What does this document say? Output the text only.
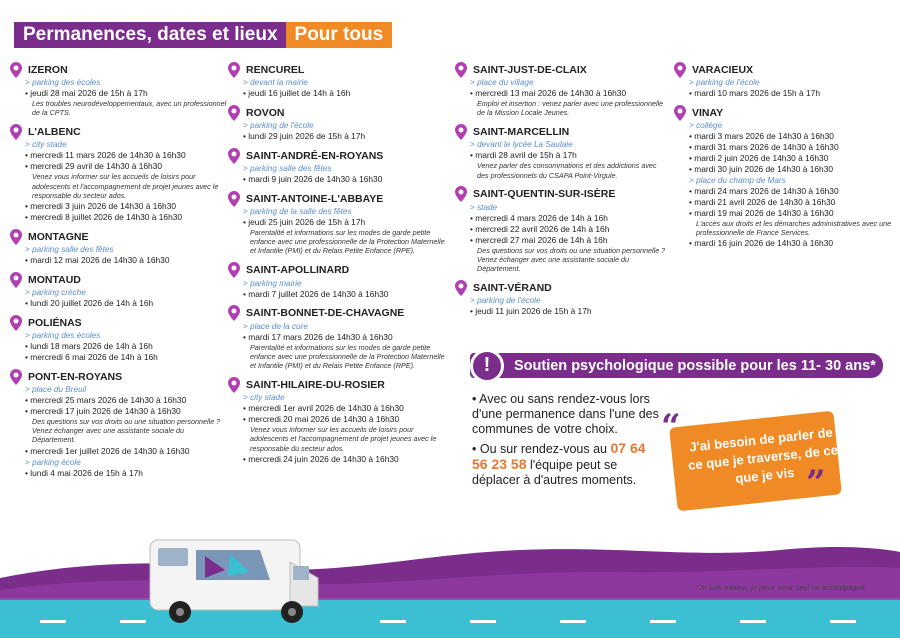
Permanences, dates et lieux Pour tous
IZERON
> parking des écoles
• jeudi 28 mai 2026 de 15h à 17h
Les troubles neurodéveloppementaux, avec un professionnel de la CPTS.
L'ALBENC
> city stade
• mercredi 11 mars 2026 de 14h30 à 16h30
• mercredi 29 avril de 14h30 à 16h30
Venez vous informer sur les accueils de loisirs pour adolescents et l'accompagnement de projet jeunes avec le responsable du secteur ados.
• mercredi 3 juin 2026 de 14h30 à 16h30
• mercredi 8 juillet 2026 de 14h30 à 16h30
MONTAGNE
> parking salle des fêtes
• mardi 12 mai 2026 de 14h30 à 16h30
MONTAUD
> parking crèche
• lundi 20 juillet 2026 de 14h à 16h
POLIÉNAS
> parking des écoles
• lundi 18 mars 2026 de 14h à 16h
• mercredi 6 mai 2026 de 14h à 16h
PONT-EN-ROYANS
> place du Breuil
• mercredi 25 mars 2026 de 14h30 à 16h30
• mercredi 17 juin 2026 de 14h30 à 16h30
Des questions sur vos droits ou une situation personnelle ? Venez échanger avec une assistante sociale du Département.
• mercredi 1er juillet 2026 de 14h30 à 16h30
> parking école
• lundi 4 mai 2026 de 15h à 17h
RENCUREL
> devant la mairie
• jeudi 16 juillet de 14h à 16h
ROVON
> parking de l'école
• lundi 29 juin 2026 de 15h à 17h
SAINT-ANDRÉ-EN-ROYANS
> parking salle des fêtes
• mardi 9 juin 2026 de 14h30 à 16h30
SAINT-ANTOINE-L'ABBAYE
> parking de la salle des fêtes
• jeudi 25 juin 2026 de 15h à 17h
Parentalité et informations sur les modes de garde petite enfance avec une professionnelle de la Protection Maternelle et Infantile (PMI) et du Relais Petite Enfance (RPE).
SAINT-APOLLINARD
> parking mairie
• mardi 7 juillet 2026 de 14h30 à 16h30
SAINT-BONNET-DE-CHAVAGNE
> place de la cure
• mardi 17 mars 2026 de 14h30 à 16h30
Parentalité et informations sur les modes de garde petite enfance avec une professionnelle de la Protection Maternelle et Infantile (PMI) et du Relais Petite Enfance (RPE).
SAINT-HILAIRE-DU-ROSIER
> city stade
• mercredi 1er avril 2026 de 14h30 à 16h30
• mercredi 20 mai 2026 de 14h30 à 16h30
Venez vous informer sur les accueils de loisirs pour adolescents et l'accompagnement de projet jeunes avec le responsable du secteur ados.
• mercredi 24 juin 2026 de 14h30 à 16h30
SAINT-JUST-DE-CLAIX
> place du village
• mercredi 13 mai 2026 de 14h30 à 16h30
Emploi et insertion : venez parler avec une professionnelle de la Mission Locale Jeunes.
SAINT-MARCELLIN
> devant le lycée La Saulaie
• mardi 28 avril de 15h à 17h
Venez parler des consommations et des addictions avec des professionnels du CSAPA Point-Virgule.
SAINT-QUENTIN-SUR-ISÈRE
> stade
• mercredi 4 mars 2026 de 14h à 16h
• mercredi 22 avril 2026 de 14h à 16h
• mercredi 27 mai 2026 de 14h à 16h
Des questions sur vos droits ou une situation personnelle ? Venez échanger avec une assistante sociale du Département.
SAINT-VÉRAND
> parking de l'école
• jeudi 11 juin 2026 de 15h à 17h
VARACIEUX
> parking de l'école
• mardi 10 mars 2026 de 15h à 17h
VINAY
> collège
• mardi 3 mars 2026 de 14h30 à 16h30
• mardi 31 mars 2026 de 14h30 à 16h30
• mardi 2 juin 2026 de 14h30 à 16h30
• mardi 30 juin 2026 de 14h30 à 16h30
> place du champ de Mars
• mardi 24 mars 2026 de 14h30 à 16h30
• mardi 21 avril 2026 de 14h30 à 16h30
• mardi 19 mai 2026 de 14h30 à 16h30
L'accès aux droits et les démarches administratives avec une professionnelle de France Services.
• mardi 16 juin 2026 de 14h30 à 16h30
Soutien psychologique possible pour les 11- 30 ans*
!
• Avec ou sans rendez-vous lors d'une permanence dans l'une des communes de votre choix.
• Ou sur rendez-vous au 07 64 56 23 58 l'équipe peut se déplacer à d'autres moments.
“ J'ai besoin de parler de ce que je traverse, de ce que je vis ”
*Je suis mineur, je peux venir seul ou accompagné
